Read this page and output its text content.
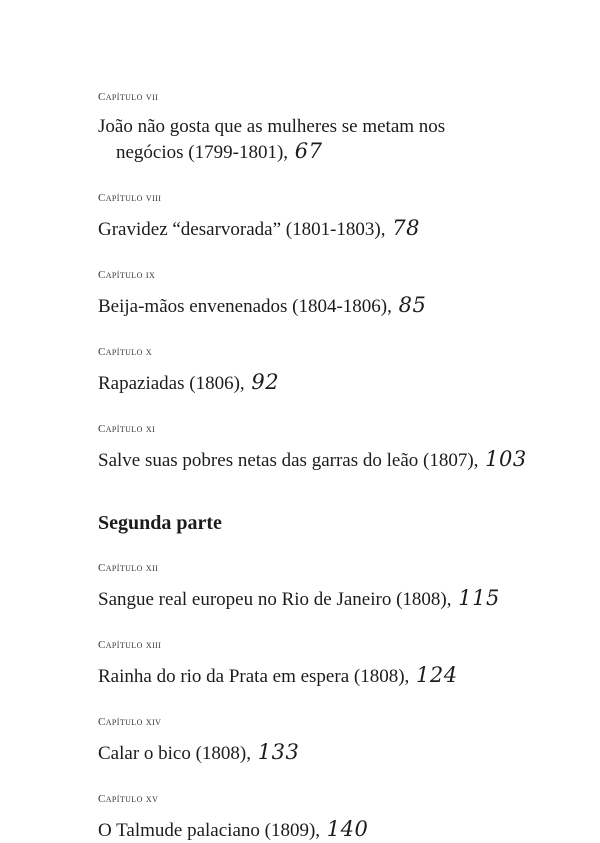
Capítulo vii
João não gosta que as mulheres se metam nos negócios (1799-1801), 67
Capítulo viii
Gravidez “desarvorada” (1801-1803), 78
Capítulo ix
Beija-mãos envenenados (1804-1806), 85
Capítulo x
Rapaziadas (1806), 92
Capítulo xi
Salve suas pobres netas das garras do leão (1807), 103
Segunda parte
Capítulo xii
Sangue real europeu no Rio de Janeiro (1808), 115
Capítulo xiii
Rainha do rio da Prata em espera (1808), 124
Capítulo xiv
Calar o bico (1808), 133
Capítulo xv
O Talmude palaciano (1809), 140
